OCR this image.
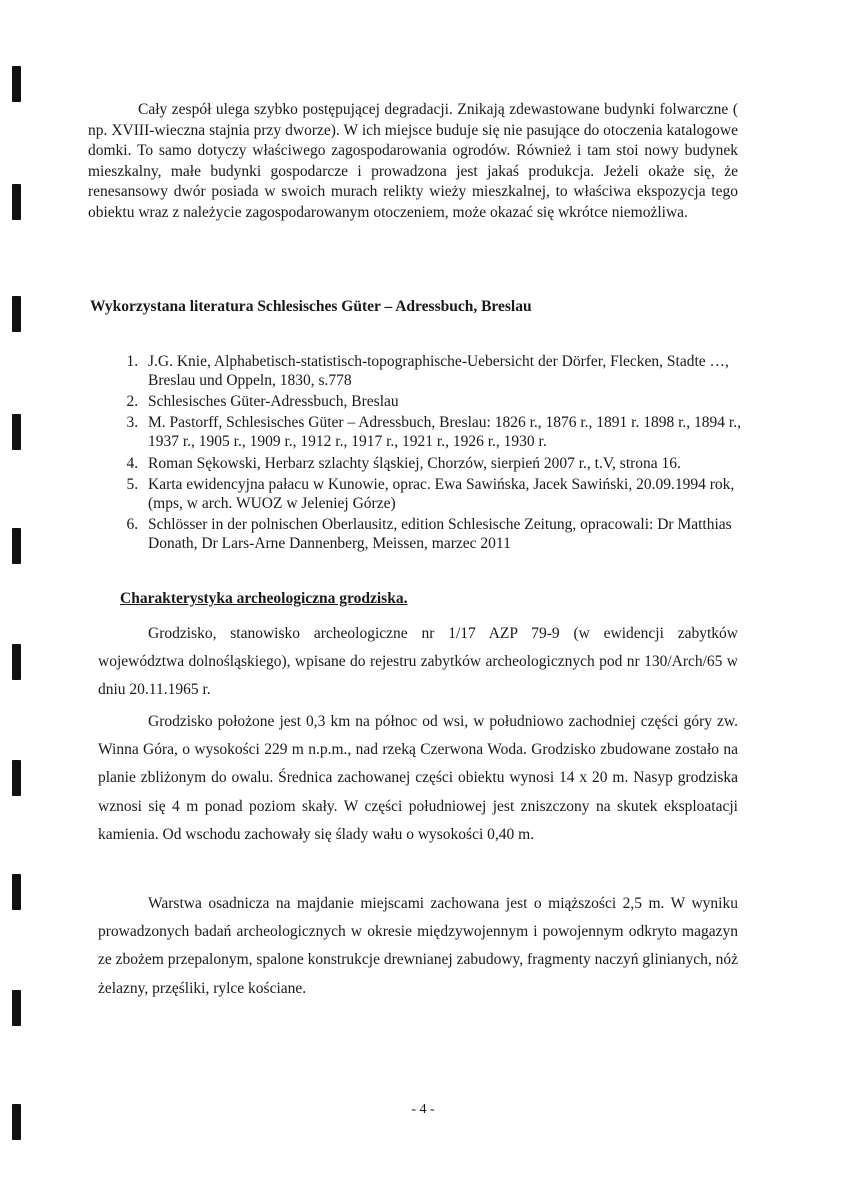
Cały zespół ulega szybko postępującej degradacji. Znikają zdewastowane budynki folwarczne ( np. XVIII-wieczna stajnia przy dworze). W ich miejsce buduje się nie pasujące do otoczenia katalogowe domki. To samo dotyczy właściwego zagospodarowania ogrodów. Również i tam stoi nowy budynek mieszkalny, małe budynki gospodarcze i prowadzona jest jakaś produkcja. Jeżeli okaże się, że renesansowy dwór posiada w swoich murach relikty wieży mieszkalnej, to właściwa ekspozycja tego obiektu wraz z należycie zagospodarowanym otoczeniem, może okazać się wkrótce niemożliwa.

Wykorzystana literatura Schlesisches Güter – Adressbuch, Breslau
1. J.G. Knie, Alphabetisch-statistisch-topographische-Uebersicht der Dörfer, Flecken, Stadte …, Breslau und Oppeln, 1830, s.778
2. Schlesisches Güter-Adressbuch, Breslau
3. M. Pastorff, Schlesisches Güter – Adressbuch, Breslau: 1826 r., 1876 r., 1891 r. 1898 r., 1894 r., 1937 r., 1905 r., 1909 r., 1912 r., 1917 r., 1921 r., 1926 r., 1930 r.
4. Roman Sękowski, Herbarz szlachty śląskiej, Chorzów, sierpień 2007 r., t.V, strona 16.
5. Karta ewidencyjna pałacu w Kunowie, oprac. Ewa Sawińska, Jacek Sawiński, 20.09.1994 rok, (mps, w arch. WUOZ w Jeleniej Górze)
6. Schlösser in der polnischen Oberlausitz, edition Schlesische Zeitung, opracowali: Dr Matthias Donath, Dr Lars-Arne Dannenberg, Meissen, marzec 2011
Charakterystyka archeologiczna grodziska.

Grodzisko, stanowisko archeologiczne nr 1/17 AZP 79-9 (w ewidencji zabytków województwa dolnośląskiego), wpisane do rejestru zabytków archeologicznych pod nr 130/Arch/65 w dniu 20.11.1965 r.

Grodzisko położone jest 0,3 km na północ od wsi, w południowo zachodniej części góry zw. Winna Góra, o wysokości 229 m n.p.m., nad rzeką Czerwona Woda. Grodzisko zbudowane zostało na planie zbliżonym do owalu. Średnica zachowanej części obiektu wynosi 14 x 20 m. Nasyp grodziska wznosi się 4 m ponad poziom skały. W części południowej jest zniszczony na skutek eksploatacji kamienia. Od wschodu zachowały się ślady wału o wysokości 0,40 m.

Warstwa osadnicza na majdanie miejscami zachowana jest o miąższości 2,5 m. W wyniku prowadzonych badań archeologicznych w okresie międzywojennym i powojennym odkryto magazyn ze zbożem przepalonym, spalone konstrukcje drewnianej zabudowy, fragmenty naczyń glinianych, nóż żelazny, przęśliki, rylce kościane.

- 4 -
